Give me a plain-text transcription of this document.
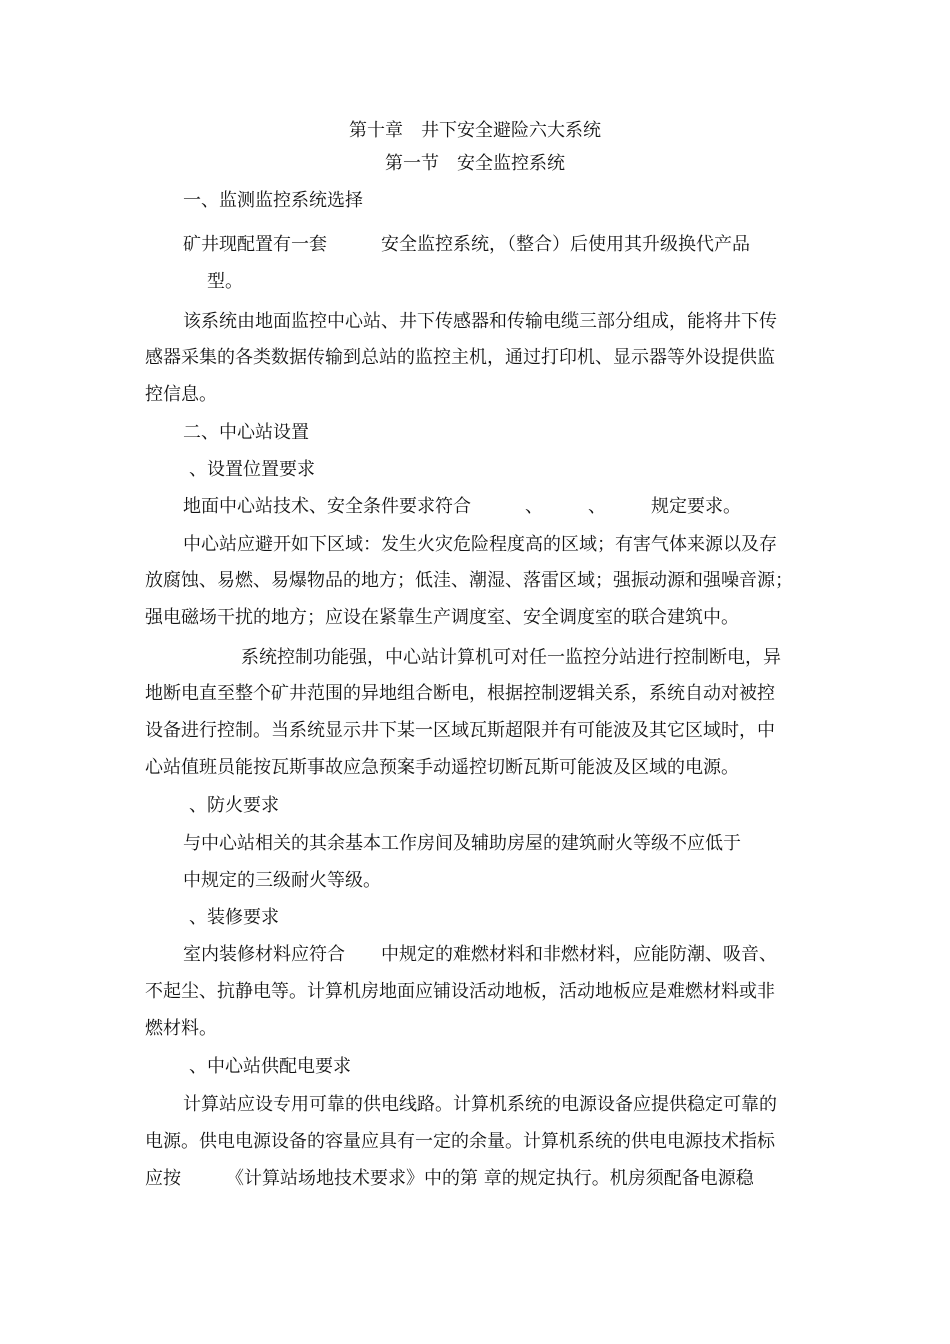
第十章　井下安全避险六大系统
第一节　安全监控系统
一、监测监控系统选择
矿井现配置有一套　　　安全监控系统，（整合）后使用其升级换代产品
型。
该系统由地面监控中心站、井下传感器和传输电缆三部分组成，能将井下传
感器采集的各类数据传输到总站的监控主机，通过打印机、显示器等外设提供监
控信息。
二、中心站设置
、设置位置要求
地面中心站技术、安全条件要求符合　　　、　　　、　　　规定要求。
中心站应避开如下区域：发生火灾危险程度高的区域；有害气体来源以及存
放腐蚀、易燃、易爆物品的地方；低洼、潮湿、落雷区域；强振动源和强噪音源；
强电磁场干扰的地方；应设在紧靠生产调度室、安全调度室的联合建筑中。
系统控制功能强，中心站计算机可对任一监控分站进行控制断电，异
地断电直至整个矿井范围的异地组合断电，根据控制逻辑关系，系统自动对被控
设备进行控制。当系统显示井下某一区域瓦斯超限并有可能波及其它区域时，中
心站值班员能按瓦斯事故应急预案手动遥控切断瓦斯可能波及区域的电源。
、防火要求
与中心站相关的其余基本工作房间及辅助房屋的建筑耐火等级不应低于
中规定的三级耐火等级。
、装修要求
室内装修材料应符合　　中规定的难燃材料和非燃材料，应能防潮、吸音、
不起尘、抗静电等。计算机房地面应铺设活动地板，活动地板应是难燃材料或非
燃材料。
、中心站供配电要求
计算站应设专用可靠的供电线路。计算机系统的电源设备应提供稳定可靠的
电源。供电电源设备的容量应具有一定的余量。计算机系统的供电电源技术指标
应按　　　《计算站场地技术要求》中的第 章的规定执行。机房须配备电源稳
